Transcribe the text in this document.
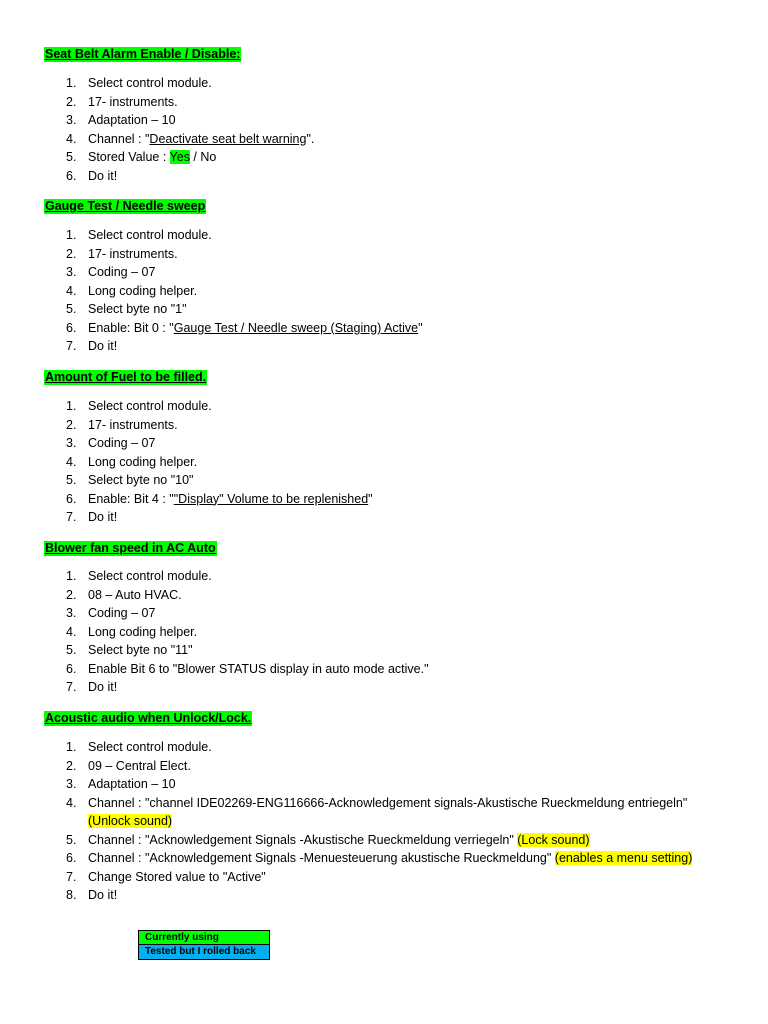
Seat Belt Alarm Enable / Disable:
1. Select control module.
2. 17- instruments.
3. Adaptation – 10
4. Channel : "Deactivate seat belt warning".
5. Stored Value : Yes / No
6. Do it!
Gauge Test / Needle sweep
1. Select control module.
2. 17- instruments.
3. Coding – 07
4. Long coding helper.
5. Select byte no "1"
6. Enable: Bit 0 : "Gauge Test / Needle sweep (Staging) Active"
7. Do it!
Amount of Fuel to be filled.
1. Select control module.
2. 17- instruments.
3. Coding – 07
4. Long coding helper.
5. Select byte no "10"
6. Enable: Bit 4 : ""Display" Volume to be replenished"
7. Do it!
Blower fan speed in AC Auto
1. Select control module.
2. 08 – Auto HVAC.
3. Coding – 07
4. Long coding helper.
5. Select byte no "11"
6. Enable Bit 6 to "Blower STATUS display in auto mode active."
7. Do it!
Acoustic audio when Unlock/Lock.
1. Select control module.
2. 09 – Central Elect.
3. Adaptation – 10
4. Channel : "channel IDE02269-ENG116666-Acknowledgement signals-Akustische Rueckmeldung entriegeln"
(Unlock sound)
5. Channel : "Acknowledgement Signals -Akustische Rueckmeldung verriegeln" (Lock sound)
6. Channel : "Acknowledgement Signals -Menuesteuerung akustische Rueckmeldung" (enables a menu setting)
7. Change Stored value to "Active"
8. Do it!
Currently using
Tested but I rolled back
